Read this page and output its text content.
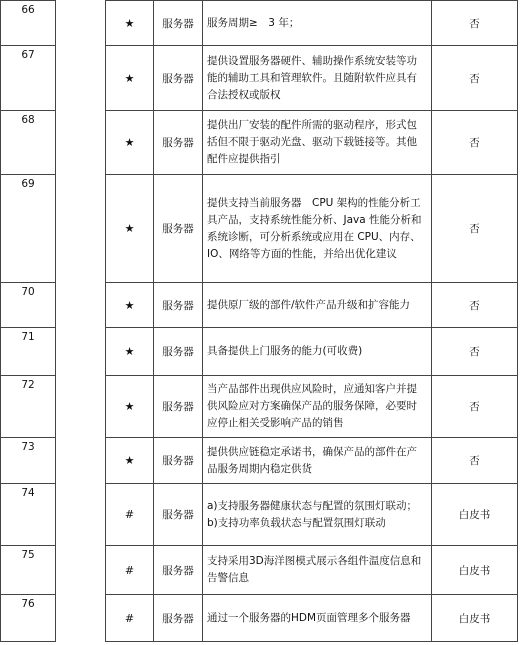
66		★	服务器	服务周期≥　3 年；	否
67		★	服务器	提供设置服务器硬件、辅助操作系统安装等功能的辅助工具和管理软件。且随附软件应具有合法授权或版权	否
68		★	服务器	提供出厂安装的配件所需的驱动程序，形式包括但不限于驱动光盘、驱动下载链接等。其他配件应提供指引	否
69		★	服务器	提供支持当前服务器　CPU 架构的性能分析工具产品，支持系统性能分析、Java 性能分析和系统诊断，可分析系统或应用在 CPU、内存、IO、网络等方面的性能，并给出优化建议	否
70		★	服务器	提供原厂级的部件/软件产品升级和扩容能力	否
71		★	服务器	具备提供上门服务的能力(可收费)	否
72		★	服务器	当产品部件出现供应风险时，应通知客户并提供风险应对方案确保产品的服务保障，必要时应停止相关受影响产品的销售	否
73		★	服务器	提供供应链稳定承诺书，确保产品的部件在产品服务周期内稳定供货	否
74		#	服务器	a)支持服务器健康状态与配置的氛围灯联动；b)支持功率负载状态与配置氛围灯联动	白皮书
75		#	服务器	支持采用3D海洋图模式展示各组件温度信息和告警信息	白皮书
76		#	服务器	通过一个服务器的HDM页面管理多个服务器	白皮书
